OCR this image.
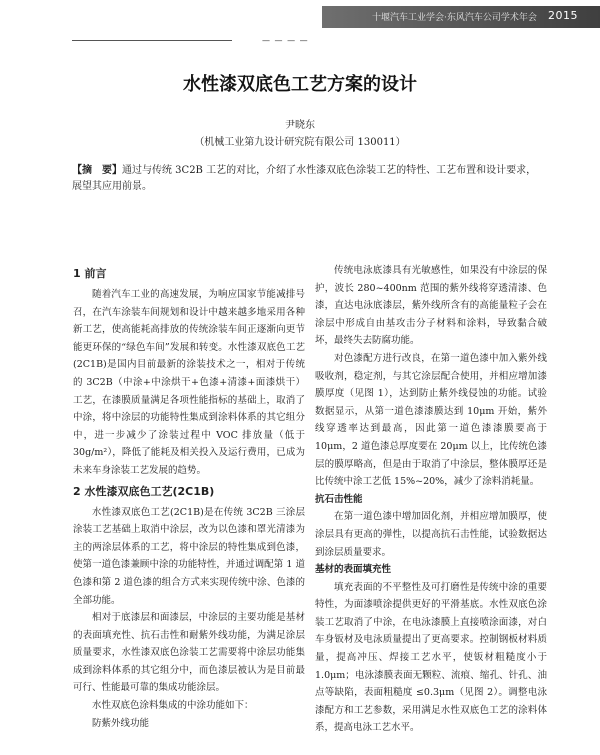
十堰汽车工业学会·东风汽车公司学术年会	2015
— — — —
水性漆双底色工艺方案的设计
尹晓东
（机械工业第九设计研究院有限公司 130011）
【摘　要】通过与传统 3C2B 工艺的对比，介绍了水性漆双底色涂装工艺的特性、工艺布置和设计要求，展望其应用前景。
1 前言

随着汽车工业的高速发展，为响应国家节能减排号召，在汽车涂装车间规划和设计中越来越多地采用各种新工艺，使高能耗高排放的传统涂装车间正逐渐向更节能更环保的“绿色车间”发展和转变。水性漆双底色工艺(2C1B)是国内目前最新的涂装技术之一，相对于传统的 3C2B（中涂+中涂烘干+色漆+清漆+面漆烘干）工艺，在漆膜质量满足各项性能指标的基础上，取消了中涂，将中涂层的功能特性集成到涂料体系的其它组分中，进一步减少了涂装过程中 VOC 排放量（低于 30g/m²），降低了能耗及相关投入及运行费用，已成为未来车身涂装工艺发展的趋势。

2 水性漆双底色工艺(2C1B)

水性漆双底色工艺(2C1B)是在传统 3C2B 三涂层涂装工艺基础上取消中涂层，改为以色漆和罩光清漆为主的两涂层体系的工艺，将中涂层的特性集成到色漆，使第一道色漆兼顾中涂的功能特性，并通过调配第 1 道色漆和第 2 道色漆的组合方式来实现传统中涂、色漆的全部功能。

相对于底漆层和面漆层，中涂层的主要功能是基材的表面填充性、抗石击性和耐紫外线功能，为满足涂层质量要求，水性漆双底色涂装工艺需要将中涂层功能集成到涂料体系的其它组分中，而色漆层被认为是目前最可行、性能最可靠的集成功能涂层。

水性双底色涂料集成的中涂功能如下：

防紫外线功能

传统电泳底漆具有光敏感性，如果没有中涂层的保护，波长 280~400nm 范围的紫外线将穿透清漆、色漆，直达电泳底漆层，紫外线所含有的高能量粒子会在涂层中形成自由基攻击分子材料和涂料，导致黏合破坏，最终失去防腐功能。

对色漆配方进行改良，在第一道色漆中加入紫外线吸收剂，稳定剂，与其它涂层配合使用，并相应增加漆膜厚度（见图 1），达到防止紫外线侵蚀的功能。试验数据显示，从第一道色漆漆膜达到 10μm 开始，紫外线穿透率达到最高，因此第一道色漆漆膜要高于 10μm，2 道色漆总厚度要在 20μm 以上，比传统色漆层的膜厚略高，但是由于取消了中涂层，整体膜厚还是比传统中涂工艺低 15%~20%，减少了涂料消耗量。

抗石击性能

在第一道色漆中增加固化剂，并相应增加膜厚，使涂层具有更高的弹性，以提高抗石击性能，试验数据达到涂层质量要求。

基材的表面填充性

填充表面的不平整性及可打磨性是传统中涂的重要特性，为面漆喷涂提供更好的平滑基底。水性双底色涂装工艺取消了中涂，在电泳漆膜上直接喷涂面漆，对白车身钣材及电泳质量提出了更高要求。控制钢板材料质量，提高冲压、焊接工艺水平，使钣材粗糙度小于 1.0μm；电泳漆膜表面无颗粒、流痕、缩孔、针孔、油点等缺陷，表面粗糙度 ≤0.3μm（见图 2）。调整电泳漆配方和工艺参数，采用满足水性双底色工艺的涂料体系，提高电泳工艺水平。
